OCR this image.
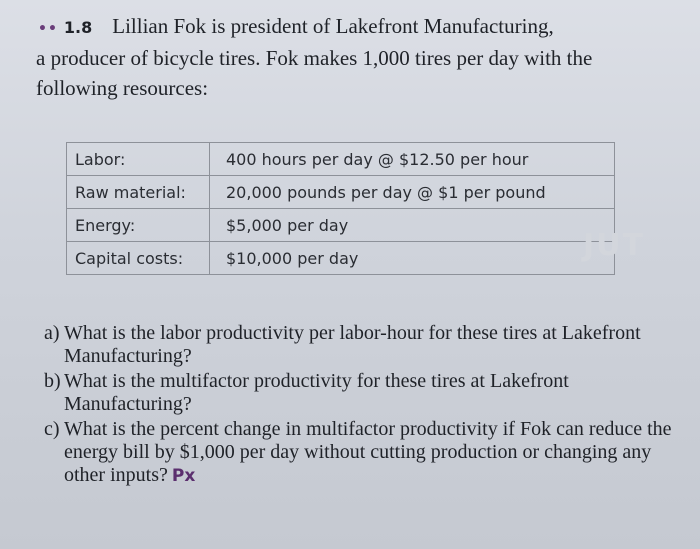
•• 1.8 Lillian Fok is president of Lakefront Manufacturing,
a producer of bicycle tires. Fok makes 1,000 tires per day with the
following resources:
Labor:	400 hours per day @ $12.50 per hour
Raw material:	20,000 pounds per day @ $1 per pound
Energy:	$5,000 per day
Capital costs:	$10,000 per day	JUT
a) What is the labor productivity per labor-hour for these tires at Lakefront Manufacturing?
b) What is the multifactor productivity for these tires at Lakefront Manufacturing?
c) What is the percent change in multifactor productivity if Fok can reduce the energy bill by $1,000 per day without cutting production or changing any other inputs? Px
